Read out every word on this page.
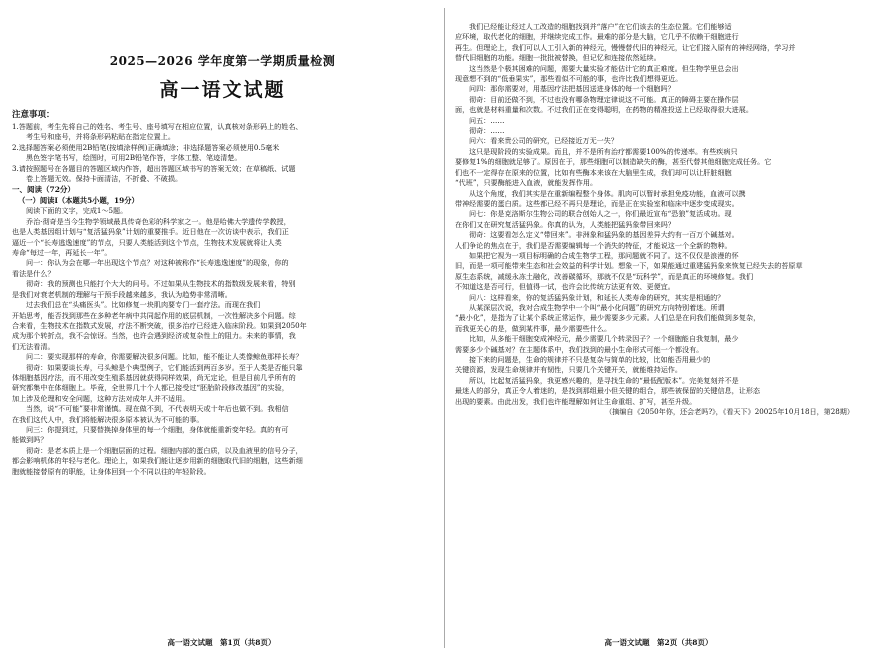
2025—2026 学年度第一学期质量检测
高一语文试题
注意事项：

1.答题前，考生先将自己的姓名、考生号、座号填写在相应位置，认真核对条形码上的姓名、

考生号和座号，并将条形码粘贴在指定位置上。

2.选择题答案必须使用2B铅笔(按填涂样例)正确填涂；非选择题答案必须使用0.5毫米

黑色签字笔书写，绘图时，可用2B铅笔作答，字体工整、笔迹清楚。

3.请按照题号在各题目的答题区域内作答，超出答题区域书写的答案无效；在草稿纸、试题

卷上答题无效。保持卡面清洁，不折叠、不破损。

一、阅读（72分）
（一）阅读Ⅰ（本题共5小题，19分）

阅读下面的文字，完成1～5题。

乔治·彻奇是当今生物学领域最具传奇色彩的科学家之一。他是哈佛大学遗传学教授，

也是人类基因组计划与“复活猛犸象”计划的重要推手。近日他在一次访谈中表示，我们正

逼近一个“长寿逃逸速度”的节点，只要人类能活到这个节点，生物技术发展就将让人类

寿命“每过一年，再延长一年”。

问一：你认为会在哪一年出现这个节点？对这种被称作“长寿逃逸速度”的现象，你的

看法是什么？

彻奇：我的预测也只能打个大大的问号。不过如果从生物技术的指数级发展来看，特别

是我们对衰老机制的理解与干预手段越来越多，我认为趋势非常清晰。

过去我们总在“头痛医头”。比如修复一块肌肉要专门一套疗法。而现在我们

开始思考，能否找到那些在多种老年病中共同起作用的底层机制，一次性解决多个问题。综

合来看，生物技术在指数式发展，疗法不断突破，很多治疗已经进入临床阶段。如果到2050年

成为那个转折点，我不会惊讶。当然，也许会遇到经济或复杂性上的阻力。未来的事情，我

们无法看清。

问二：要实现那样的寿命，你需要解决很多问题。比如，能不能让人类像鲸鱼那样长寿？

彻奇：如果要谈长寿，弓头鲸是个典型例子，它们能活到两百多岁。至于人类是否能只靠

体细胞基因疗法，而不用改变生殖系基因就获得同样效果，尚无定论，但是目前几乎所有的

研究都集中在体细胞上。毕竟，全世界几十个人都已接受过“胚胎阶段修改基因”的实验，

加上涉及伦理和安全问题，这种方法对成年人并不适用。

当然，说“不可能”要非常谨慎。现在做不到，不代表明天或十年后也做不到。我相信

在我们这代人中，我们将能解决很多原本被认为不可能的事。

问三：你提到过，只要替换掉身体里的每一个细胞，身体就能重新变年轻。真的有可

能做到吗？

彻奇：是老本质上是一个细胞层面的过程。细胞内部的蛋白质，以及血液里的信号分子，

都会影响机体的年轻与老化。理论上，如果我们能让逐步用新的细胞取代旧的细胞，这些新细

胞就能接替原有的职能，让身体回到一个不同以往的年轻阶段。

高一语文试题　第1页（共8页）

我们已经能让经过人工改造的细胞找到并“落户”在它们该去的生态位置。它们能够适

应环境，取代老化的细胞，并继续完成工作。最难的部分是大脑，它几乎不依赖干细胞进行

再生。但理论上，我们可以人工引入新的神经元，慢慢替代旧的神经元，让它们接入原有的神经网络，学习并

替代旧细胞的功能。细胞一批批被替换，但记忆和连接依然延续。

这当然是个极其困难的问题，需要大量实验才能估计它的真正难度。但生物学里总会出

现意想不到的“低垂果实”，那些看似不可能的事，也许比我们想得更近。

问四：那你需要对，用基因疗法把基因送进身体的每一个细胞吗？

彻奇：目前还做不到，不过也没有哪条物理定律说这不可能。真正的障碍主要在操作层

面，也就是材料重量和次数。不过我们正在变得聪明，在药物的精准投送上已经取得很大进展。

问五：……

彻奇：……

问六：看来贵公司的研究，已经接近万无一失？

这只是现阶段的实验成果。而且，并不是所有治疗都需要100%的传递率。有些疾病只

要修复1%的细胞就足够了。原因在于，那些细胞可以制造缺失的酶，甚至代替其他细胞完成任务。它

们也不一定得存在原来的位置，比如有些酶本来该在大脑里生成，我们却可以让肝脏细胞

“代班”，只要酶能进入血液，就能发挥作用。

从这个角度，我们其实是在重新编程整个身体。肌肉可以暂时承担免疫功能，血液可以携

带神经需要的蛋白质。这些都已经不再只是理论，而是正在实验室和临床中逐步变成现实。

问七：你是克洛斯尔生物公司的联合创始人之一，你们最近宣布“恐狼”复活成功。现

在你们又在研究复活猛犸象。你真的认为，人类能把猛犸象带回来吗？

彻奇：这要看怎么定义“带回来”。非洲象和猛犸象的基因差异大约有一百万个碱基对。

人们争论的焦点在于，我们是否需要编辑每一个消失的特征，才能说这一个全新的物种。

如果把它视为一项目标明确的合成生物学工程，那问题就不同了。这不仅仅是浪漫的怀

旧，而是一项可能带来生态和社会效益的科学计划。想象一下，如果能通过重建猛犸象来恢复已经失去的苔原草

原生态系统，减缓永冻土融化，改善碳循环，那就不仅是“玩科学”，而是真正的环境修复。我们

不知道这是否可行，但值得一试，也许会比传统方法更有效、更便宜。

问八：这样看来，你的复活猛犸象计划，和延长人类寿命的研究，其实是相通的？

从某深层次说，我对合成生物学中一个叫“最小化问题”的研究方向特别着迷。所谓

“最小化”，是指为了让某个系统正常运作，最少需要多少元素。人们总是在问我们能做到多复杂，

而我更关心的是，做到某件事，最少需要些什么。

比如，从多能干细胞变成神经元，最少需要几个转录因子？一个细胞能自我复制，最少

需要多少个碱基对？在主题体系中，我们找到的最小生命形式可能一个都没有。

接下来的问题是，生命的规律并不只是复杂与简单的比较，比如能否用最少的

关键资源，发现生命规律并有韧性，只要几个关键开关，就能维持运作。

所以，比起复活猛犸象，我更感兴趣的，是寻找生命的“最低配版本”。完美复刻并不是

最迷人的部分，真正令人着迷的，是找到那组最小但关键的组合，那些被保留的关键信息，让形态

出现的要素。由此出发，我们也许能理解如何让生命重组、扩写，甚至升级。

（摘编自《2050年你，还会老吗?》，《看天下》20025年10月18日，第28期）
高一语文试题　第2页（共8页）
